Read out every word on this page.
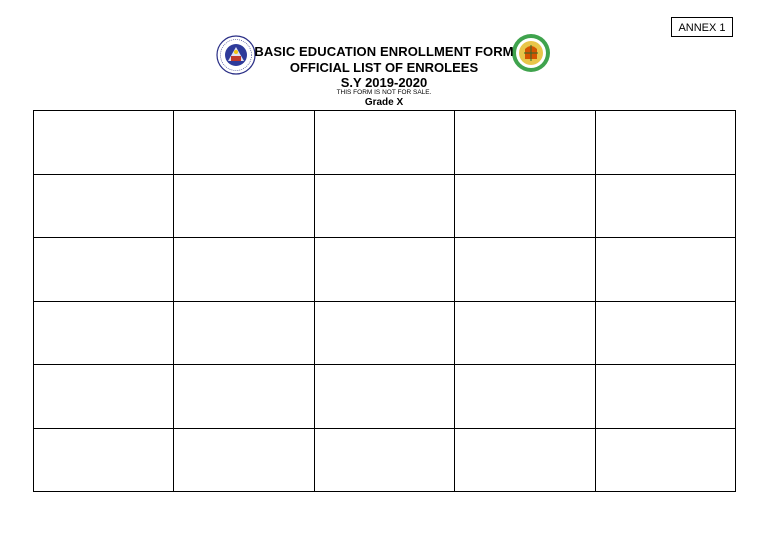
ANNEX 1
BASIC EDUCATION ENROLLMENT FORM
OFFICIAL LIST OF ENROLEES
S.Y 2019-2020
THIS FORM IS NOT FOR SALE.
Grade X
